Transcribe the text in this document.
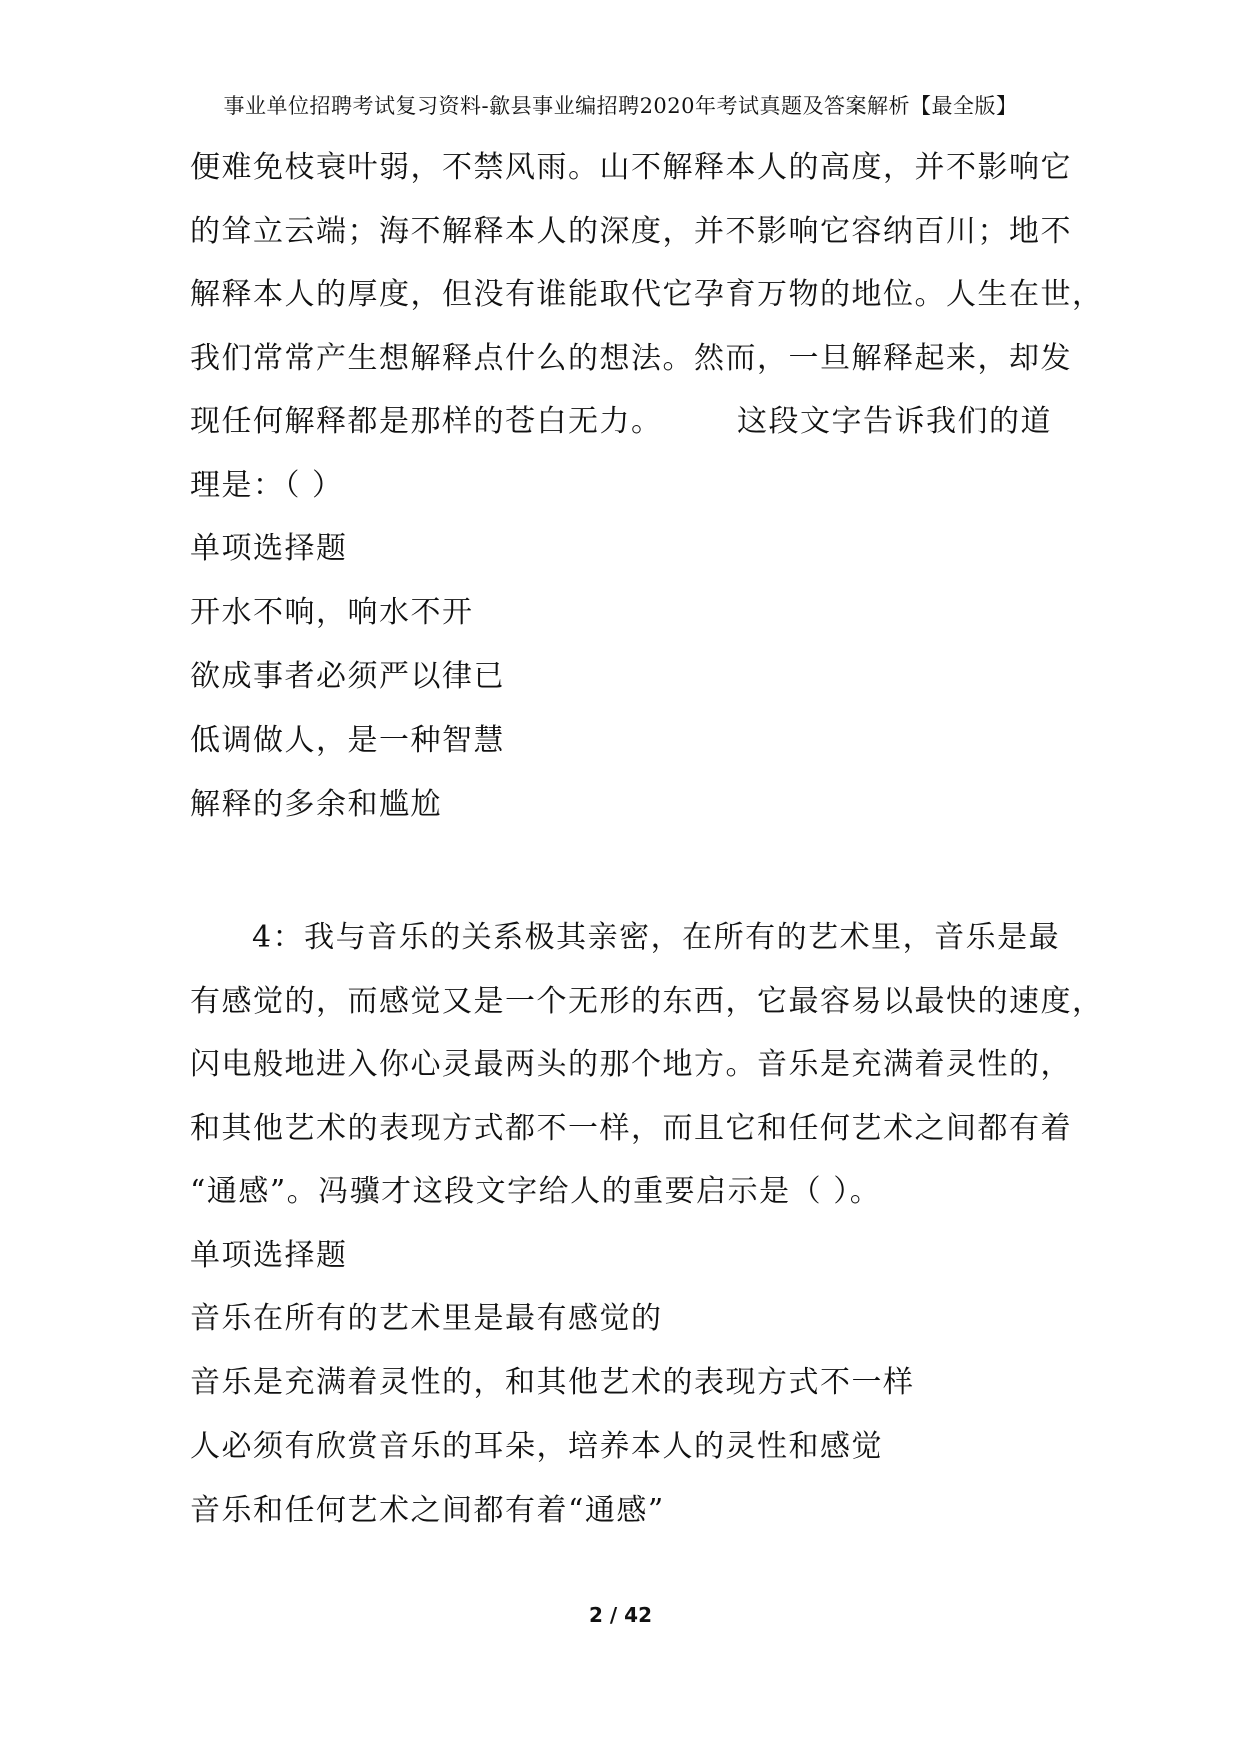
事业单位招聘考试复习资料-歙县事业编招聘2020年考试真题及答案解析【最全版】
便难免枝衰叶弱，不禁风雨。山不解释本人的高度，并不影响它
的耸立云端；海不解释本人的深度，并不影响它容纳百川；地不
解释本人的厚度，但没有谁能取代它孕育万物的地位。人生在世，
我们常常产生想解释点什么的想法。然而，一旦解释起来，却发
现任何解释都是那样的苍白无力。 这段文字告诉我们的道
理是：（ ）
单项选择题
开水不响，响水不开
欲成事者必须严以律已
低调做人，是一种智慧
解释的多余和尴尬
4：我与音乐的关系极其亲密，在所有的艺术里，音乐是最
有感觉的，而感觉又是一个无形的东西，它最容易以最快的速度，
闪电般地进入你心灵最两头的那个地方。音乐是充满着灵性的，
和其他艺术的表现方式都不一样，而且它和任何艺术之间都有着
“通感”。冯骥才这段文字给人的重要启示是（ ）。
单项选择题
音乐在所有的艺术里是最有感觉的
音乐是充满着灵性的，和其他艺术的表现方式不一样
人必须有欣赏音乐的耳朵，培养本人的灵性和感觉
音乐和任何艺术之间都有着“通感”
2 / 42
